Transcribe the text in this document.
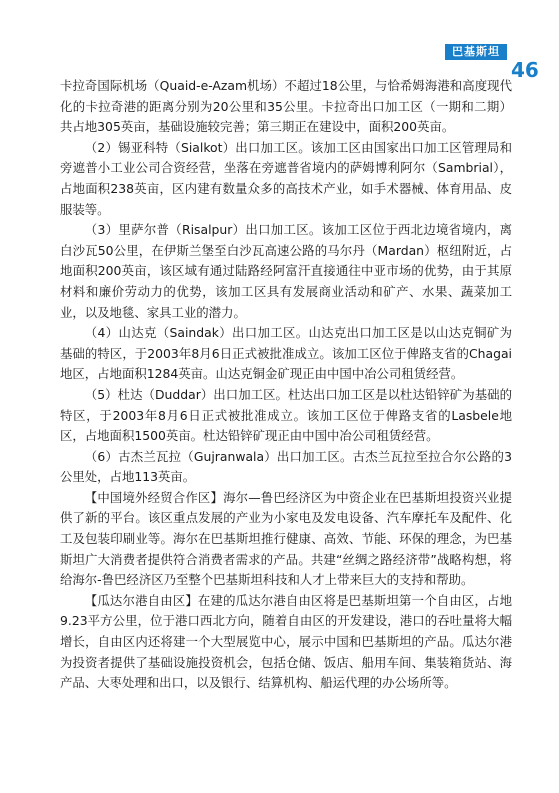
巴基斯坦
46

卡拉奇国际机场（Quaid-e-Azam机场）不超过18公里，与恰希姆海港和高度现代化的卡拉奇港的距离分别为20公里和35公里。卡拉奇出口加工区（一期和二期）共占地305英亩，基础设施较完善；第三期正在建设中，面积200英亩。

（2）锡亚科特（Sialkot）出口加工区。该加工区由国家出口加工区管理局和旁遮普小工业公司合资经营，坐落在旁遮普省境内的萨姆博利阿尔（Sambrial），占地面积238英亩，区内建有数量众多的高技术产业，如手术器械、体育用品、皮服装等。

（3）里萨尔普（Risalpur）出口加工区。该加工区位于西北边境省境内，离白沙瓦50公里，在伊斯兰堡至白沙瓦高速公路的马尔丹（Mardan）枢纽附近，占地面积200英亩，该区域有通过陆路经阿富汗直接通往中亚市场的优势，由于其原材料和廉价劳动力的优势，该加工区具有发展商业活动和矿产、水果、蔬菜加工业，以及地毯、家具工业的潜力。

（4）山达克（Saindak）出口加工区。山达克出口加工区是以山达克铜矿为基础的特区，于2003年8月6日正式被批准成立。该加工区位于俾路支省的Chagai地区，占地面积1284英亩。山达克铜金矿现正由中国中冶公司租赁经营。

（5）杜达（Duddar）出口加工区。杜达出口加工区是以杜达铅锌矿为基础的特区，于2003年8月6日正式被批准成立。该加工区位于俾路支省的Lasbele地区，占地面积1500英亩。杜达铅锌矿现正由中国中冶公司租赁经营。

（6）古杰兰瓦拉（Gujranwala）出口加工区。古杰兰瓦拉至拉合尔公路的3公里处，占地113英亩。

【中国境外经贸合作区】海尔—鲁巴经济区为中资企业在巴基斯坦投资兴业提供了新的平台。该区重点发展的产业为小家电及发电设备、汽车摩托车及配件、化工及包装印刷业等。海尔在巴基斯坦推行健康、高效、节能、环保的理念，为巴基斯坦广大消费者提供符合消费者需求的产品。共建“丝绸之路经济带”战略构想，将给海尔-鲁巴经济区乃至整个巴基斯坦科技和人才上带来巨大的支持和帮助。

【瓜达尔港自由区】在建的瓜达尔港自由区将是巴基斯坦第一个自由区，占地9.23平方公里，位于港口西北方向，随着自由区的开发建设，港口的吞吐量将大幅增长，自由区内还将建一个大型展览中心，展示中国和巴基斯坦的产品。瓜达尔港为投资者提供了基础设施投资机会，包括仓储、饭店、船用车间、集装箱货站、海产品、大枣处理和出口，以及银行、结算机构、船运代理的办公场所等。
